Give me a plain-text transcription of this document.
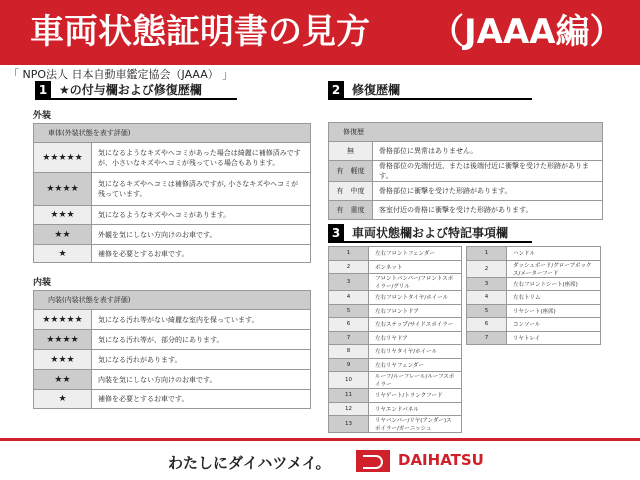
車両状態証明書の見方 （JAAA編）
「 NPO法人 日本自動車鑑定協会（JAAA） 」
1 ★の付与欄および修復歴欄
外装
車体(外装状態を表す評価)	
★★★★★	気になるようなキズやヘコミがあった場合は綺麗に補修済みですが、小さいなキズやヘコミが残っている場合もあります。
★★★★	気になるキズやヘコミは補修済みですが, 小さなキズやヘコミが残っています。
★★★	気になるようなキズやヘコミがあります。
★★	外観を気にしない方向けのお車です。
★	補修を必要とするお車です。
内装
内装(内装状態を表す評価)	
★★★★★	気になる汚れ等がない綺麗な室内を保っています。
★★★★	気になる汚れ等が、部分的にあります。
★★★	気になる汚れがあります。
★★	内装を気にしない方向けのお車です。
★	補修を必要とするお車です。
2 修復歴欄
修復歴	
無	骨格部位に異常はありません。
有　軽度	骨格部位の先端付近、または後端付近に衝撃を受けた形跡があります。
有　中度	骨格部位に衝撃を受けた形跡があります。
有　重度	客室付近の骨格に衝撃を受けた形跡があります。
3 車両状態欄および特記事項欄
1	左右フロントフェンダー
2	ボンネット
3	フロントバンパー/フロントスポイラー/グリル
4	左右フロントタイヤ/ホイール
5	左右フロントドア
6	左右ステップ/サイドスポイラー
7	左右リヤドア
8	左右リヤタイヤ/ホイール
9	左右リヤフェンダー
10	ルーフ/ルーフレール/ルーフスポイラー
11	リヤゲート/トランクフード
12	リヤエンドパネル
13	リヤバンパー/リヤ(アンダー)スポイラー/ガーニッシュ
1	ハンドル
2	ダッシュボード/グローブボックス/メーターフード
3	左右フロントシート(座席)
4	左右トリム
5	リヤシート(座席)
6	コンソール
7	リヤトレイ
わたしにダイハツメイ。	DAIHATSU
